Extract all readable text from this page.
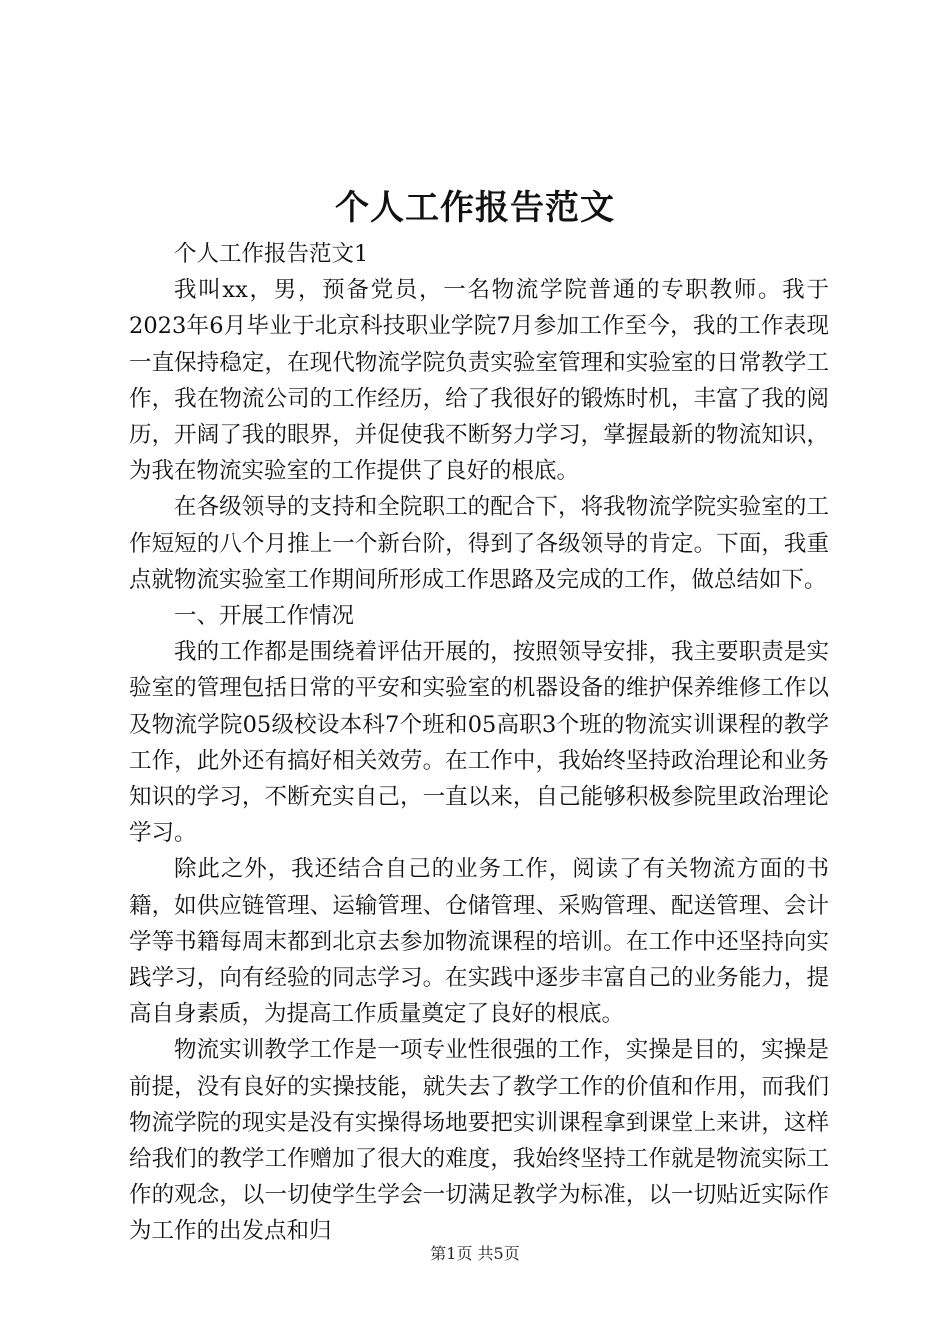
个人工作报告范文

个人工作报告范文1

我叫xx，男，预备党员，一名物流学院普通的专职教师。我于2023年6月毕业于北京科技职业学院7月参加工作至今，我的工作表现一直保持稳定，在现代物流学院负责实验室管理和实验室的日常教学工作，我在物流公司的工作经历，给了我很好的锻炼时机，丰富了我的阅历，开阔了我的眼界，并促使我不断努力学习，掌握最新的物流知识，为我在物流实验室的工作提供了良好的根底。

在各级领导的支持和全院职工的配合下，将我物流学院实验室的工作短短的八个月推上一个新台阶，得到了各级领导的肯定。下面，我重点就物流实验室工作期间所形成工作思路及完成的工作，做总结如下。

一、开展工作情况

我的工作都是围绕着评估开展的，按照领导安排，我主要职责是实验室的管理包括日常的平安和实验室的机器设备的维护保养维修工作以及物流学院05级校设本科7个班和05高职3个班的物流实训课程的教学工作，此外还有搞好相关效劳。在工作中，我始终坚持政治理论和业务知识的学习，不断充实自己，一直以来，自己能够积极参院里政治理论学习。

除此之外，我还结合自己的业务工作，阅读了有关物流方面的书籍，如供应链管理、运输管理、仓储管理、采购管理、配送管理、会计学等书籍每周末都到北京去参加物流课程的培训。在工作中还坚持向实践学习，向有经验的同志学习。在实践中逐步丰富自己的业务能力，提高自身素质，为提高工作质量奠定了良好的根底。

物流实训教学工作是一项专业性很强的工作，实操是目的，实操是前提，没有良好的实操技能，就失去了教学工作的价值和作用，而我们物流学院的现实是没有实操得场地要把实训课程拿到课堂上来讲，这样给我们的教学工作赠加了很大的难度，我始终坚持工作就是物流实际工作的观念，以一切使学生学会一切满足教学为标准，以一切贴近实际作为工作的出发点和归

第1页 共5页
